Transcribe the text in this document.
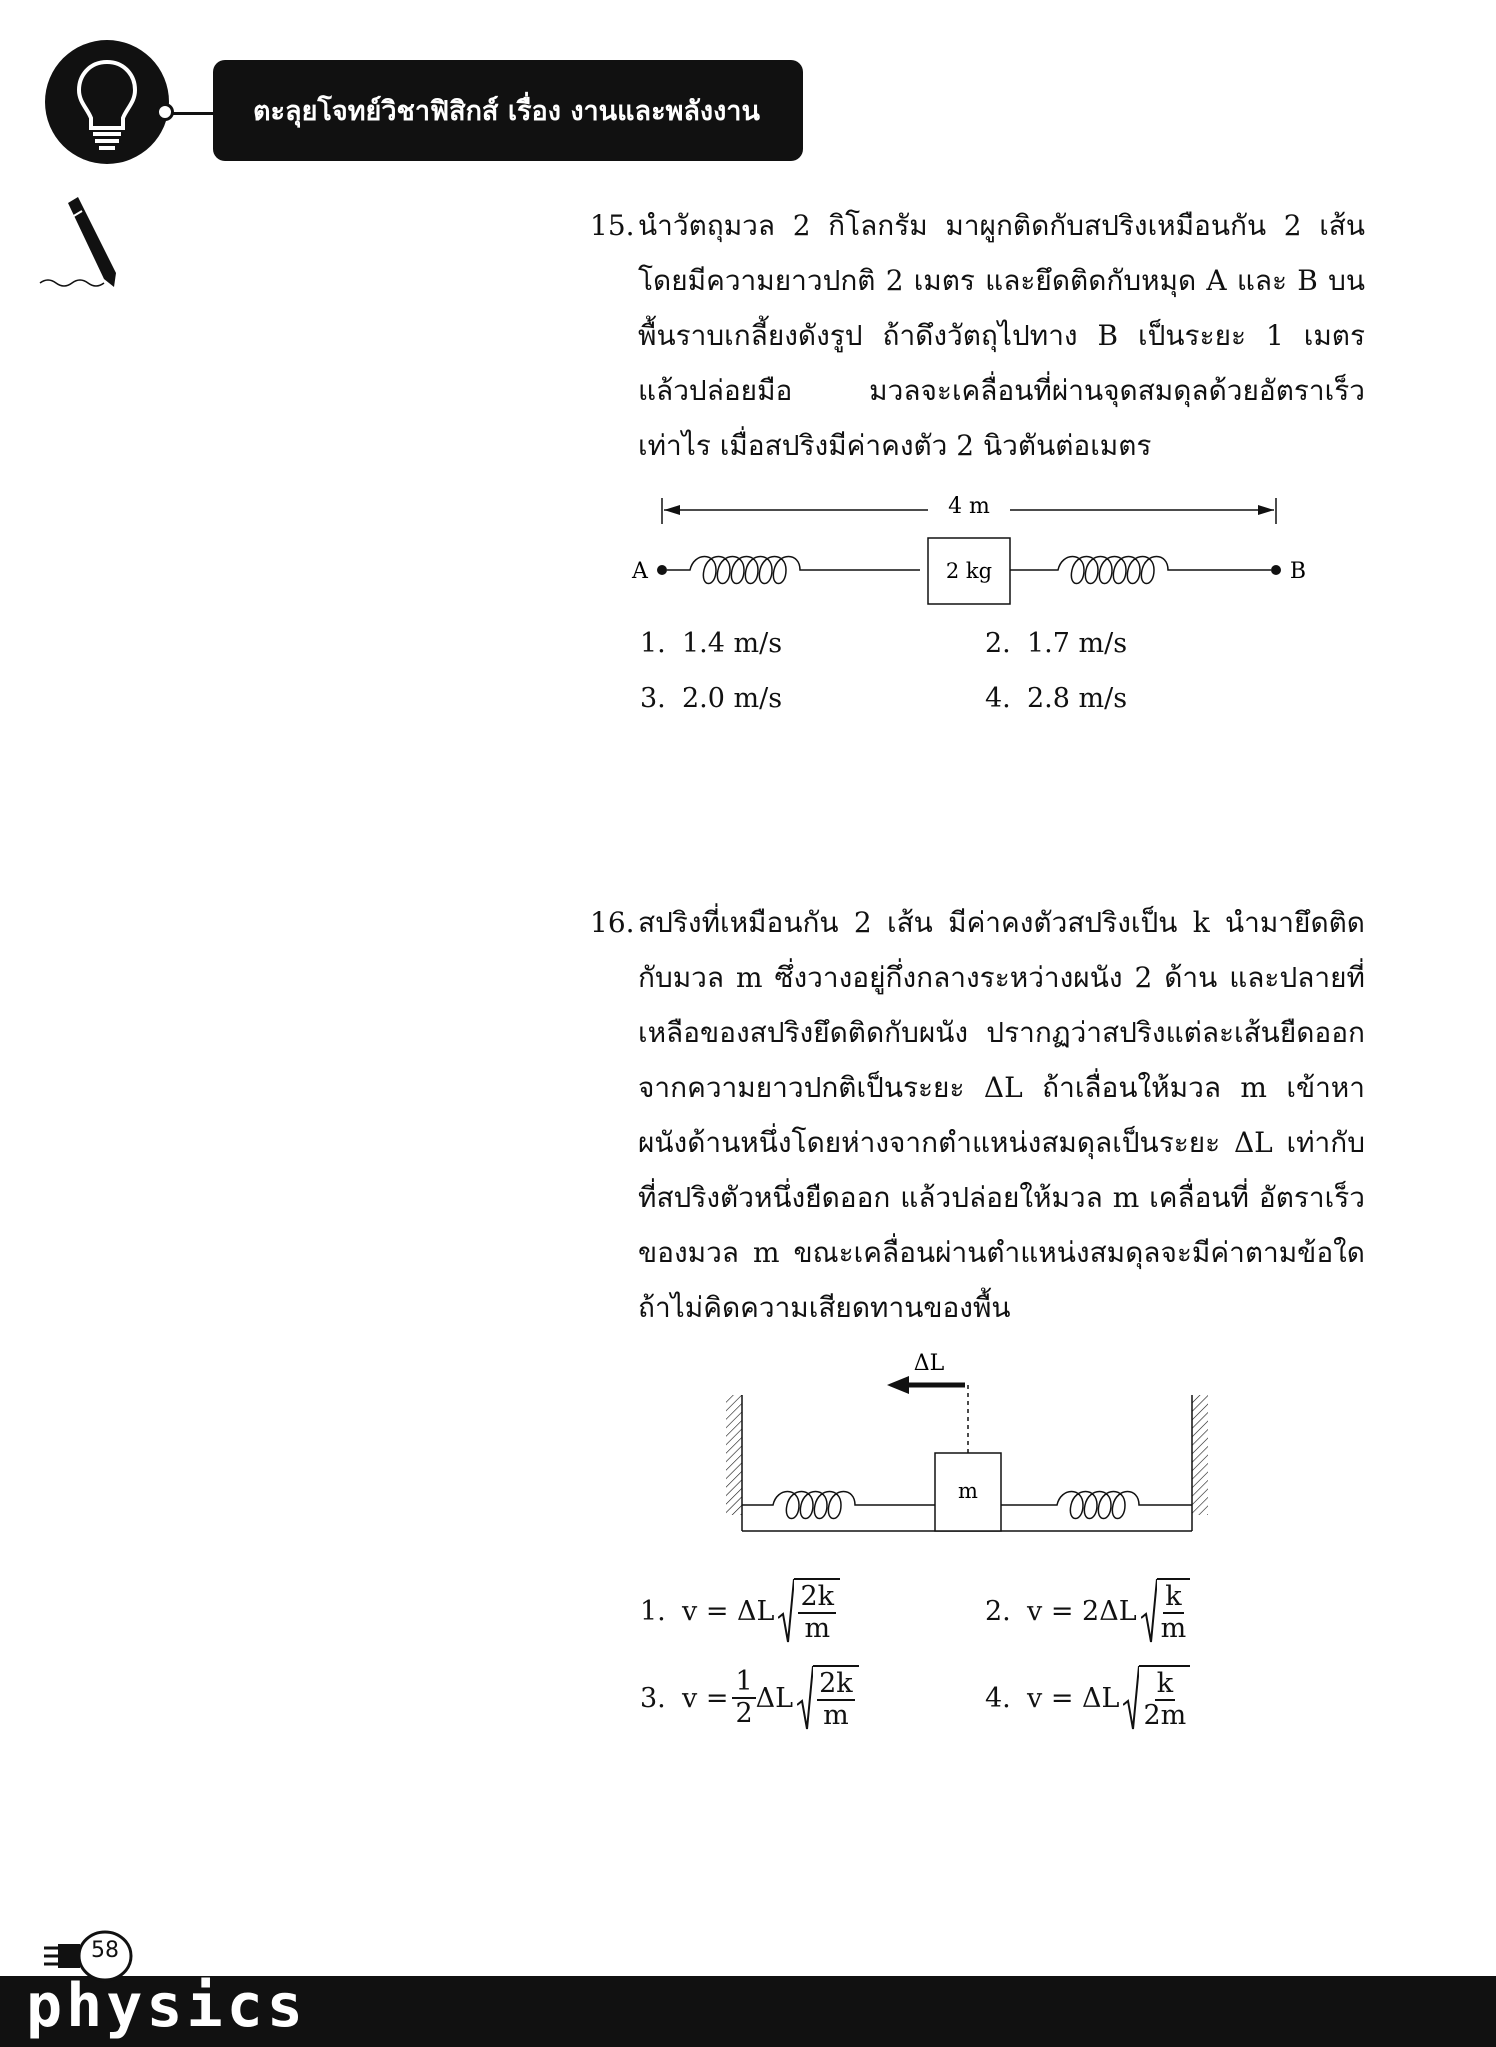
ตะลุยโจทย์วิชาฟิสิกส์ เรื่อง งานและพลังงาน
15. นำวัตถุมวล 2 กิโลกรัม มาผูกติดกับสปริงเหมือนกัน 2 เส้น โดยมีความยาวปกติ 2 เมตร และยึดติดกับหมุด A และ B บนพื้นราบเกลี้ยงดังรูป ถ้าดึงวัตถุไปทาง B เป็นระยะ 1 เมตร แล้วปล่อยมือ มวลจะเคลื่อนที่ผ่านจุดสมดุลด้วยอัตราเร็วเท่าไร เมื่อสปริงมีค่าคงตัว 2 นิวตันต่อเมตร
4 m
A	B
2 kg
1. 1.4 m/s	2. 1.7 m/s
3. 2.0 m/s	4. 2.8 m/s
16. สปริงที่เหมือนกัน 2 เส้น มีค่าคงตัวสปริงเป็น k นำมายึดติดกับมวล m ซึ่งวางอยู่กึ่งกลางระหว่างผนัง 2 ด้าน และปลายที่เหลือของสปริงยึดติดกับผนัง ปรากฏว่าสปริงแต่ละเส้นยืดออกจากความยาวปกติเป็นระยะ ΔL ถ้าเลื่อนให้มวล m เข้าหาผนังด้านหนึ่งโดยห่างจากตำแหน่งสมดุลเป็นระยะ ΔL เท่ากับที่สปริงตัวหนึ่งยืดออก แล้วปล่อยให้มวล m เคลื่อนที่ อัตราเร็วของมวล m ขณะเคลื่อนผ่านตำแหน่งสมดุลจะมีค่าตามข้อใด ถ้าไม่คิดความเสียดทานของพื้น
m
ΔL
1. v = ΔL $\frac{2k}{m}$	2. $v = 2\Delta L \frac{k}{m}$
3. $v = \frac{1}{2}$ ΔL $\frac{2k}{m}$	4. v = ΔL $\frac{k}{2m}$
58
physics
